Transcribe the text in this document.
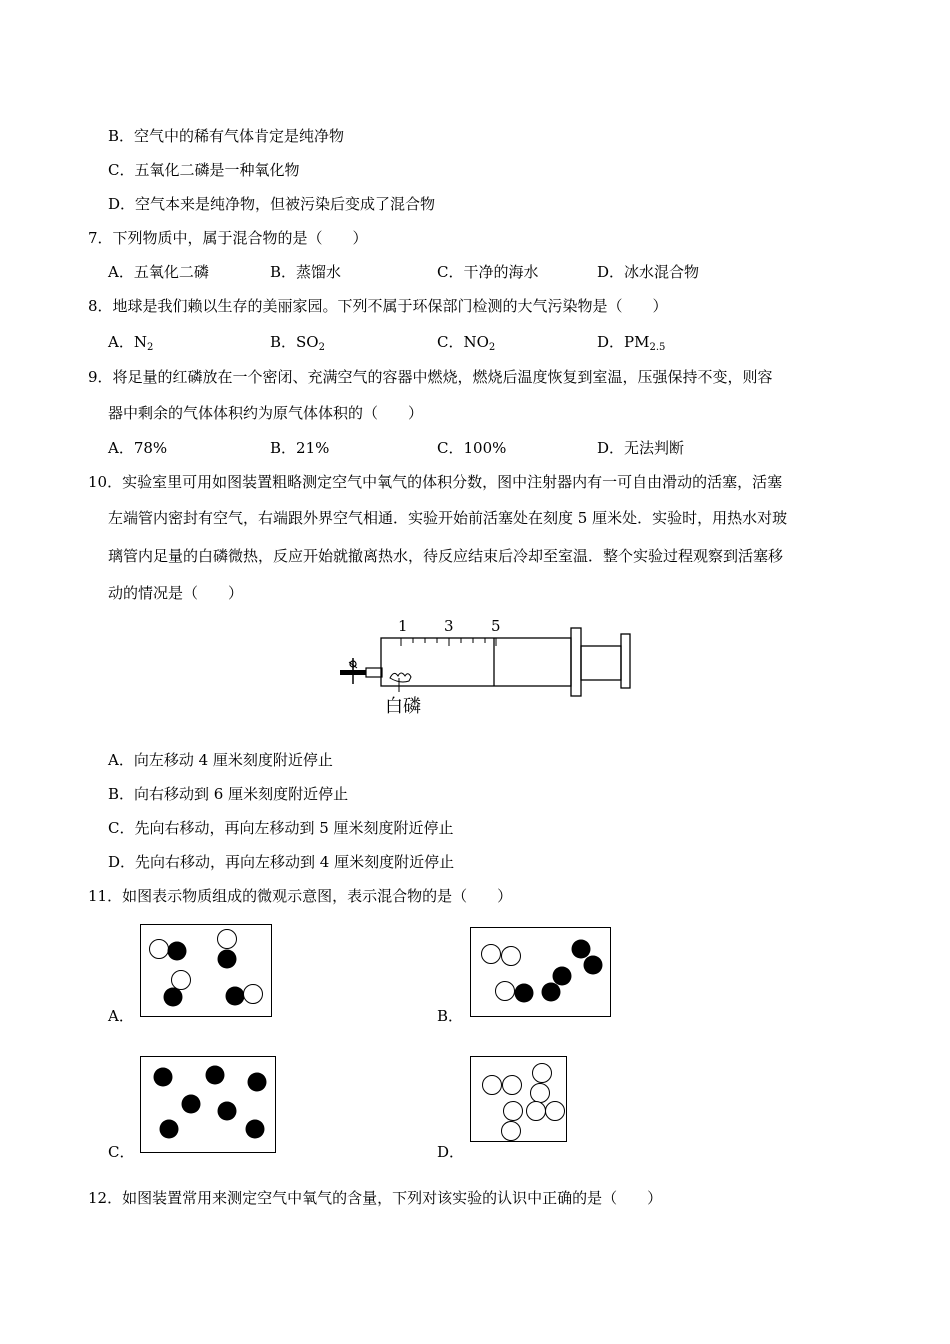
B．空气中的稀有气体肯定是纯净物
C．五氧化二磷是一种氧化物
D．空气本来是纯净物，但被污染后变成了混合物
7．下列物质中，属于混合物的是（　　）
A．五氧化二磷	B．蒸馏水	C．干净的海水	D．冰水混合物
8．地球是我们赖以生存的美丽家园。下列不属于环保部门检测的大气污染物是（　　）
A．$N_2$	B．$SO_2$	C．$NO_2$	D．$PM_{2.5}$
9．将足量的红磷放在一个密闭、充满空气的容器中燃烧，燃烧后温度恢复到室温，压强保持不变，则容
器中剩余的气体体积约为原气体体积的（　　）
A．78%	B．21%	C．100%	D．无法判断
10．实验室里可用如图装置粗略测定空气中氧气的体积分数，图中注射器内有一可自由滑动的活塞，活塞
左端管内密封有空气，右端跟外界空气相通．实验开始前活塞处在刻度 5 厘米处．实验时，用热水对玻
璃管内足量的白磷微热，反应开始就撤离热水，待反应结束后冷却至室温．整个实验过程观察到活塞移
动的情况是（　　）
1 3 5
白磷
A．向左移动 4 厘米刻度附近停止
B．向右移动到 6 厘米刻度附近停止
C．先向右移动，再向左移动到 5 厘米刻度附近停止
D．先向右移动，再向左移动到 4 厘米刻度附近停止
11．如图表示物质组成的微观示意图，表示混合物的是（　　）
A．	B．
C．	D．
12．如图装置常用来测定空气中氧气的含量，下列对该实验的认识中正确的是（　　）
